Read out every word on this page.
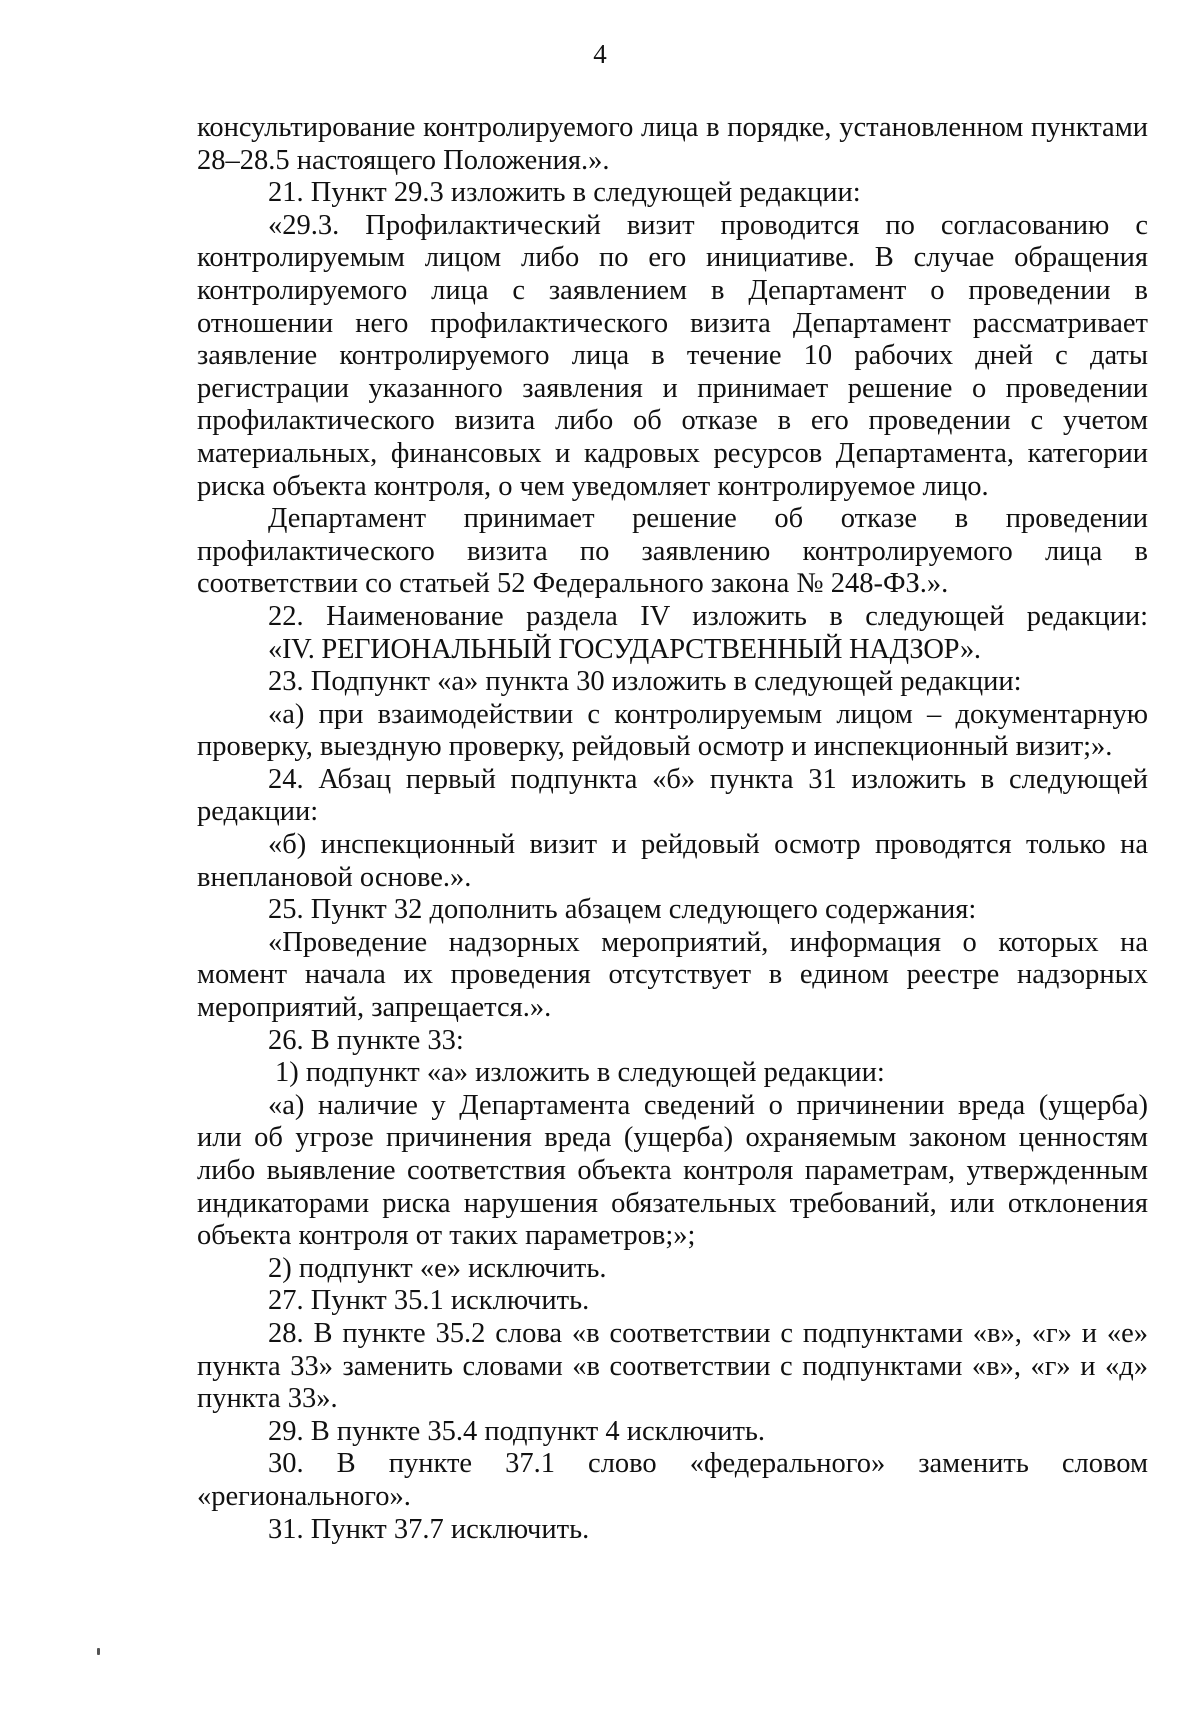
4

консультирование контролируемого лица в порядке, установленном пунктами 28–28.5 настоящего Положения.».

21. Пункт 29.3 изложить в следующей редакции:

«29.3. Профилактический визит проводится по согласованию с контролируемым лицом либо по его инициативе. В случае обращения контролируемого лица с заявлением в Департамент о проведении в отношении него профилактического визита Департамент рассматривает заявление контролируемого лица в течение 10 рабочих дней с даты регистрации указанного заявления и принимает решение о проведении профилактического визита либо об отказе в его проведении с учетом материальных, финансовых и кадровых ресурсов Департамента, категории риска объекта контроля, о чем уведомляет контролируемое лицо.

Департамент принимает решение об отказе в проведении профилактического визита по заявлению контролируемого лица в соответствии со статьей 52 Федерального закона № 248-ФЗ.».

22. Наименование раздела IV изложить в следующей редакции:

«IV. РЕГИОНАЛЬНЫЙ ГОСУДАРСТВЕННЫЙ НАДЗОР».

23. Подпункт «а» пункта 30 изложить в следующей редакции:

«а) при взаимодействии с контролируемым лицом – документарную проверку, выездную проверку, рейдовый осмотр и инспекционный визит;».

24. Абзац первый подпункта «б» пункта 31 изложить в следующей редакции:

«б) инспекционный визит и рейдовый осмотр проводятся только на внеплановой основе.».

25. Пункт 32 дополнить абзацем следующего содержания:

«Проведение надзорных мероприятий, информация о которых на момент начала их проведения отсутствует в едином реестре надзорных мероприятий, запрещается.».

26. В пункте 33:

1) подпункт «а» изложить в следующей редакции:

«а) наличие у Департамента сведений о причинении вреда (ущерба) или об угрозе причинения вреда (ущерба) охраняемым законом ценностям либо выявление соответствия объекта контроля параметрам, утвержденным индикаторами риска нарушения обязательных требований, или отклонения объекта контроля от таких параметров;»;

2) подпункт «е» исключить.

27. Пункт 35.1 исключить.

28. В пункте 35.2 слова «в соответствии с подпунктами «в», «г» и «е» пункта 33» заменить словами «в соответствии с подпунктами «в», «г» и «д» пункта 33».

29. В пункте 35.4 подпункт 4 исключить.

30. В пункте 37.1 слово «федерального» заменить словом «регионального».

31. Пункт 37.7 исключить.
